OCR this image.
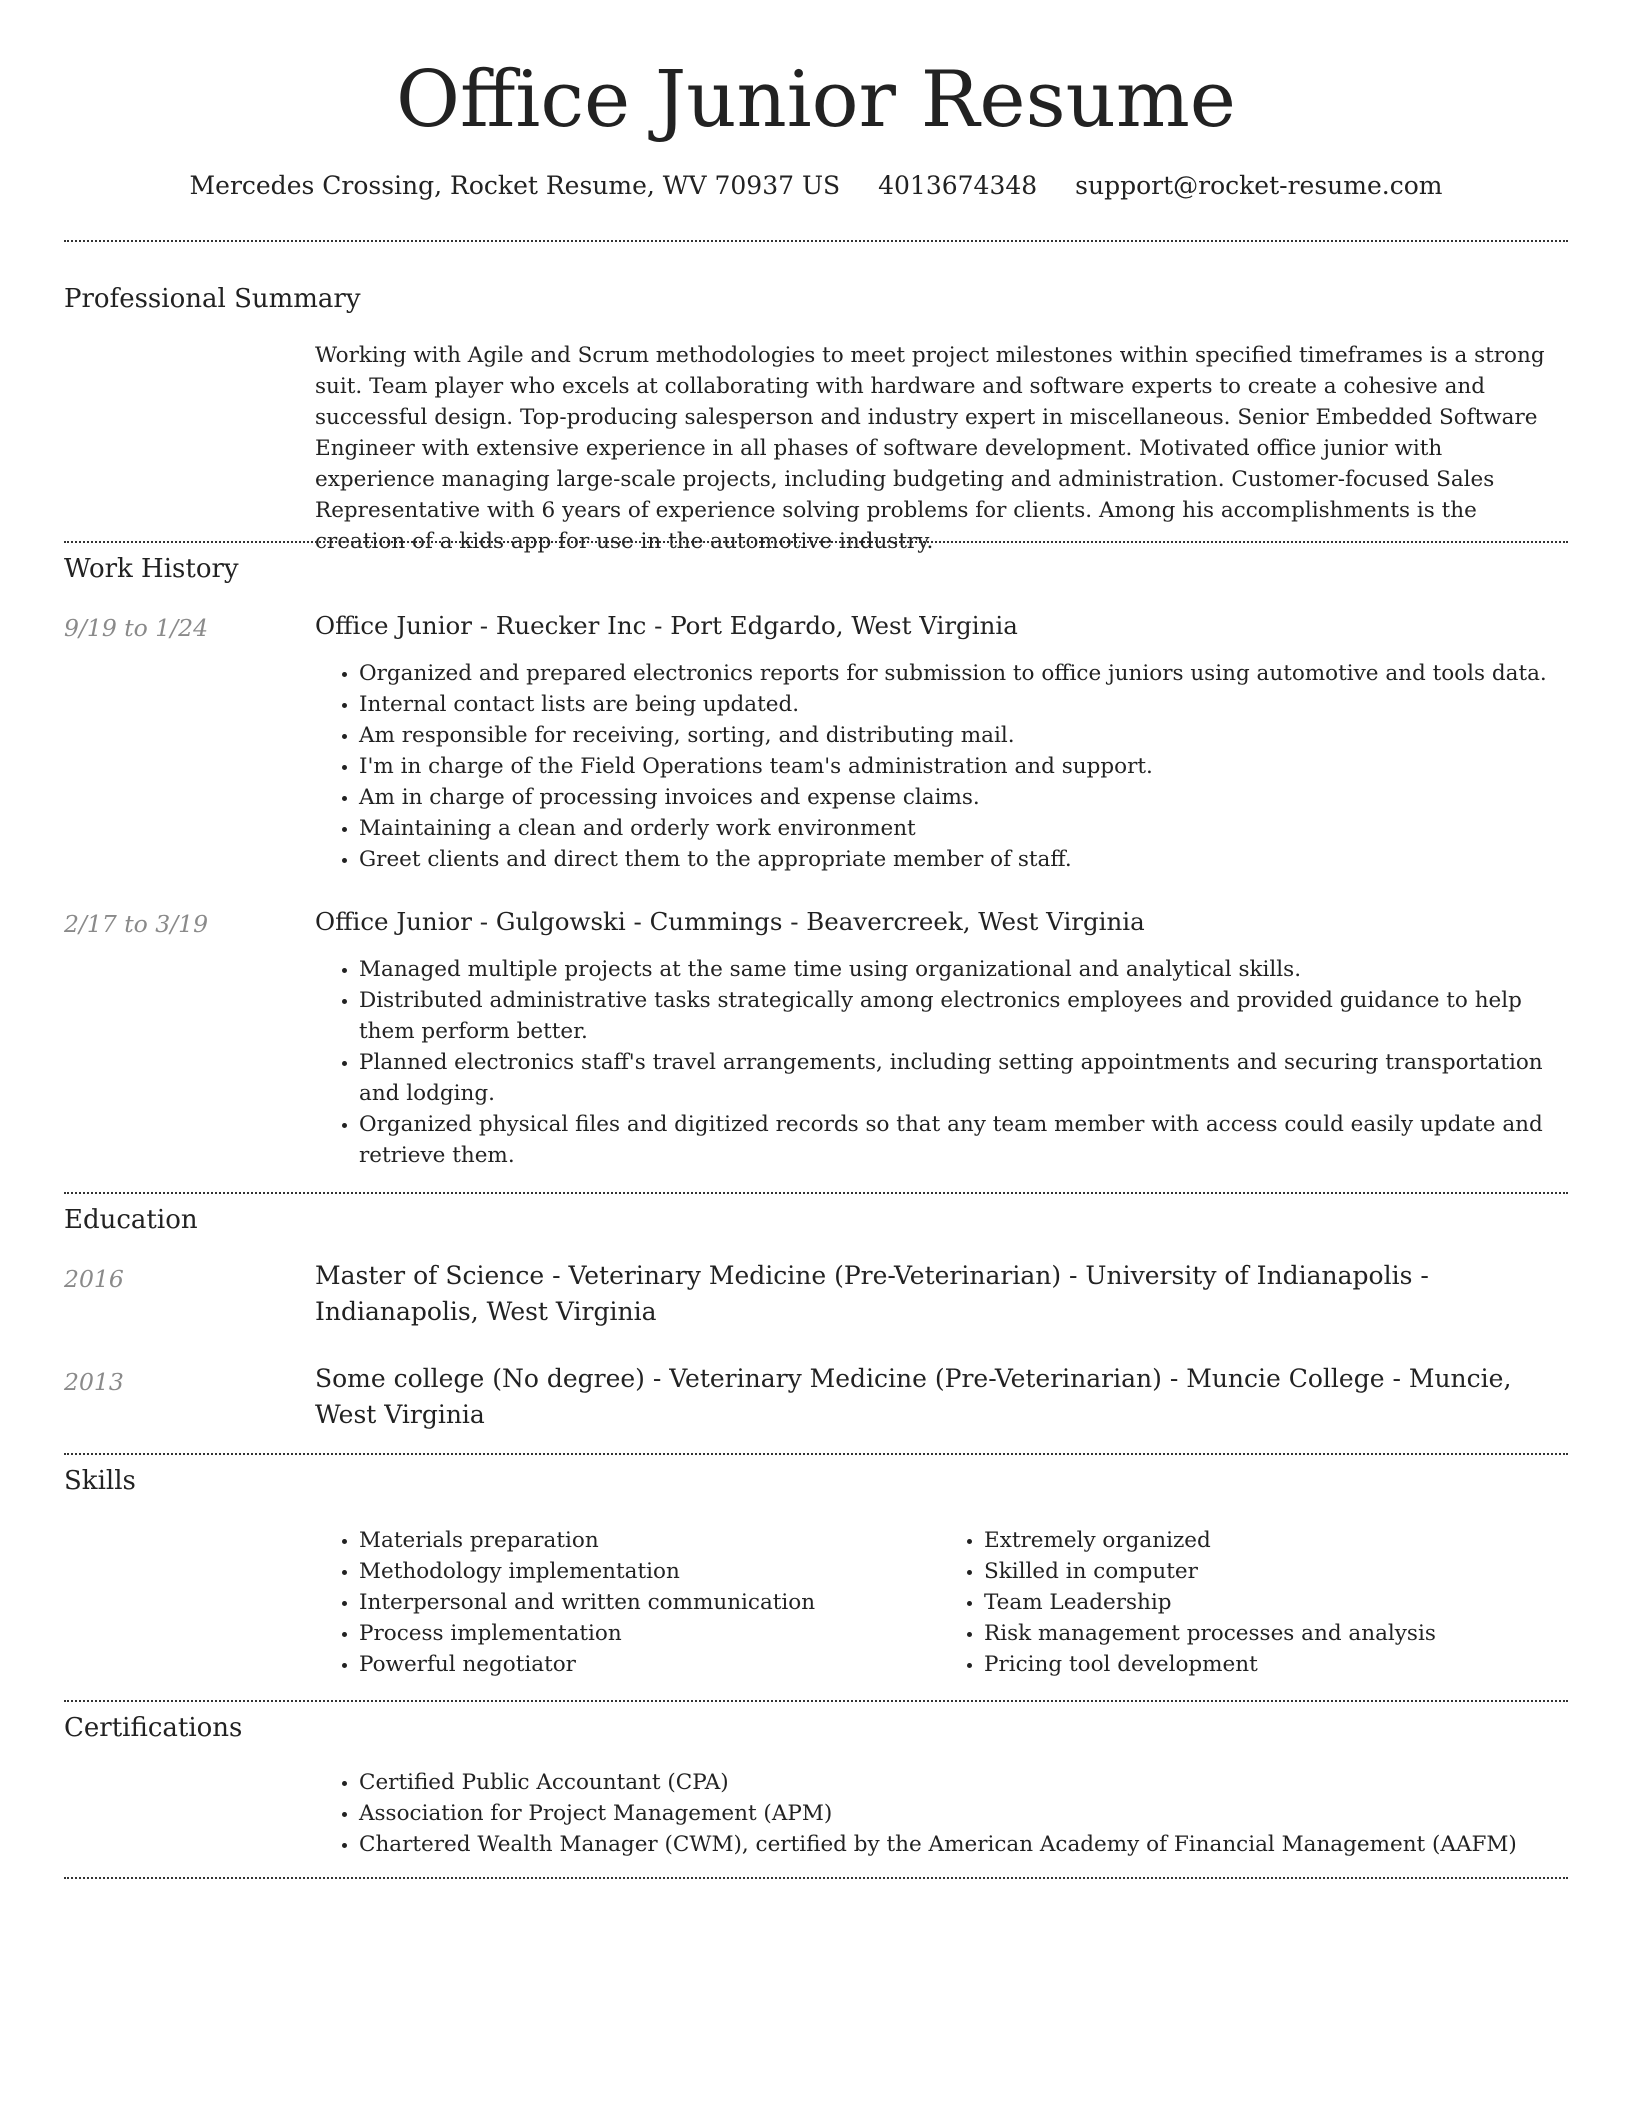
Office Junior Resume
Mercedes Crossing, Rocket Resume, WV 70937 US 4013674348 support@rocket-resume.com
Professional Summary
Working with Agile and Scrum methodologies to meet project milestones within specified timeframes is a strong suit. Team player who excels at collaborating with hardware and software experts to create a cohesive and successful design. Top-producing salesperson and industry expert in miscellaneous. Senior Embedded Software Engineer with extensive experience in all phases of software development. Motivated office junior with experience managing large-scale projects, including budgeting and administration. Customer-focused Sales Representative with 6 years of experience solving problems for clients. Among his accomplishments is the creation of a kids app for use in the automotive industry.
Work History
9/19 to 1/24	Office Junior - Ruecker Inc - Port Edgardo, West Virginia
• Organized and prepared electronics reports for submission to office juniors using automotive and tools data.
• Internal contact lists are being updated.
• Am responsible for receiving, sorting, and distributing mail.
• I'm in charge of the Field Operations team's administration and support.
• Am in charge of processing invoices and expense claims.
• Maintaining a clean and orderly work environment
• Greet clients and direct them to the appropriate member of staff.
2/17 to 3/19	Office Junior - Gulgowski - Cummings - Beavercreek, West Virginia
• Managed multiple projects at the same time using organizational and analytical skills.
• Distributed administrative tasks strategically among electronics employees and provided guidance to help them perform better.
• Planned electronics staff's travel arrangements, including setting appointments and securing transportation and lodging.
• Organized physical files and digitized records so that any team member with access could easily update and retrieve them.
Education
2016	Master of Science - Veterinary Medicine (Pre-Veterinarian) - University of Indianapolis - Indianapolis, West Virginia
2013	Some college (No degree) - Veterinary Medicine (Pre-Veterinarian) - Muncie College - Muncie, West Virginia
Skills
• Materials preparation
• Methodology implementation
• Interpersonal and written communication
• Process implementation
• Powerful negotiator
• Extremely organized
• Skilled in computer
• Team Leadership
• Risk management processes and analysis
• Pricing tool development
Certifications
• Certified Public Accountant (CPA)
• Association for Project Management (APM)
• Chartered Wealth Manager (CWM), certified by the American Academy of Financial Management (AAFM)
